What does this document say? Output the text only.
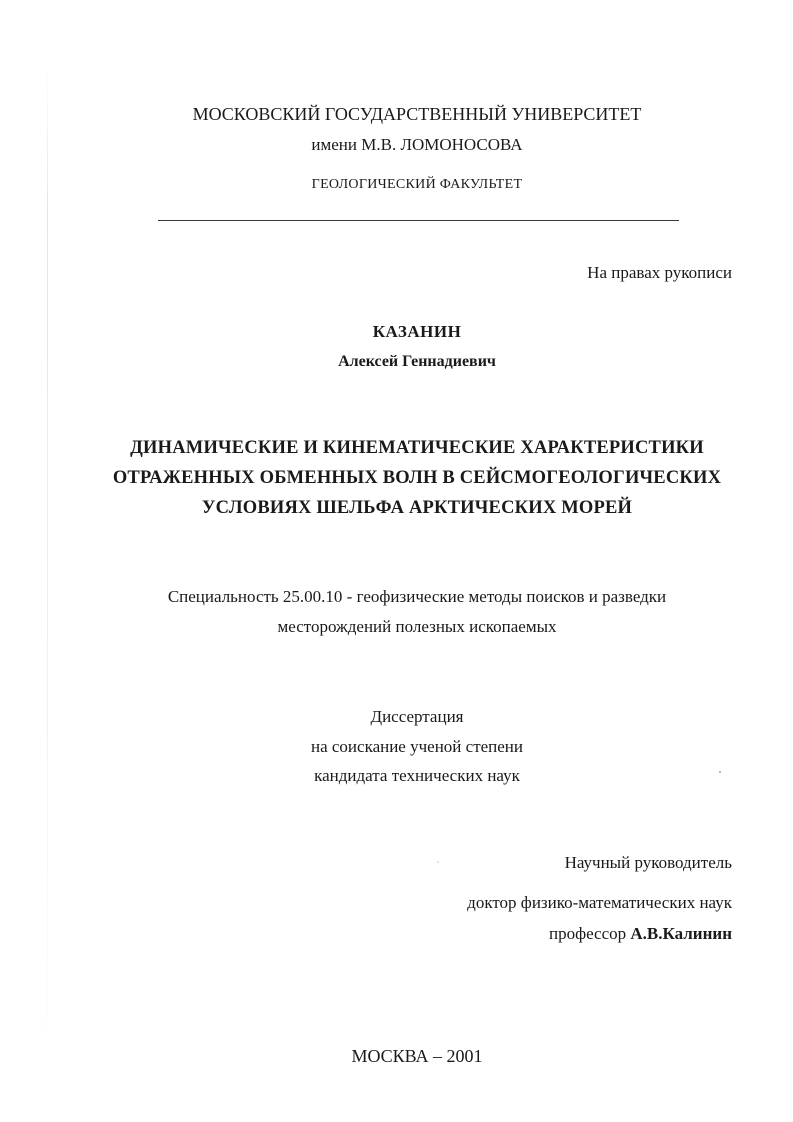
МОСКОВСКИЙ ГОСУДАРСТВЕННЫЙ УНИВЕРСИТЕТ
имени М.В. ЛОМОНОСОВА
ГЕОЛОГИЧЕСКИЙ ФАКУЛЬТЕТ
На правах рукописи
КАЗАНИН
Алексей Геннадиевич
ДИНАМИЧЕСКИЕ И КИНЕМАТИЧЕСКИЕ ХАРАКТЕРИСТИКИ
ОТРАЖЕННЫХ ОБМЕННЫХ ВОЛН В СЕЙСМОГЕОЛОГИЧЕСКИХ
УСЛОВИЯХ ШЕЛЬФА АРКТИЧЕСКИХ МОРЕЙ
Специальность 25.00.10 - геофизические методы поисков и разведки
месторождений полезных ископаемых
Диссертация
на соискание ученой степени
кандидата технических наук
Научный руководитель
доктор физико-математических наук
профессор А.В.Калинин
МОСКВА – 2001
